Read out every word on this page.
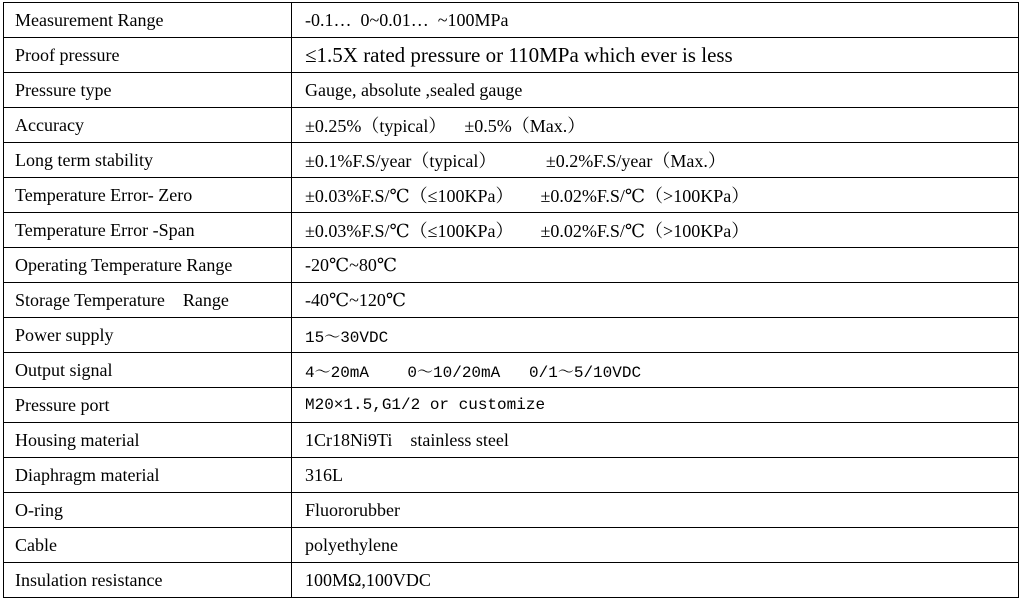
Measurement Range	-0.1…  0~0.01…  ~100MPa
Proof pressure	≤1.5X rated pressure or 110MPa which ever is less
Pressure type	Gauge, absolute ,sealed gauge
Accuracy	±0.25%（typical）    ±0.5%（Max.）
Long term stability	±0.1%F.S/year（typical）           ±0.2%F.S/year（Max.）
Temperature Error- Zero	±0.03%F.S/℃（≤100KPa）      ±0.02%F.S/℃（>100KPa）
Temperature Error -Span	±0.03%F.S/℃（≤100KPa）      ±0.02%F.S/℃（>100KPa）
Operating Temperature Range	-20℃~80℃
Storage Temperature    Range	-40℃~120℃
Power supply	15～30VDC
Output signal	4～20mA    0～10/20mA   0/1～5/10VDC
Pressure port	M20×1.5,G1/2 or customize
Housing material	1Cr18Ni9Ti    stainless steel
Diaphragm material	316L
O-ring	Fluororubber
Cable	polyethylene
Insulation resistance	100MΩ,100VDC
